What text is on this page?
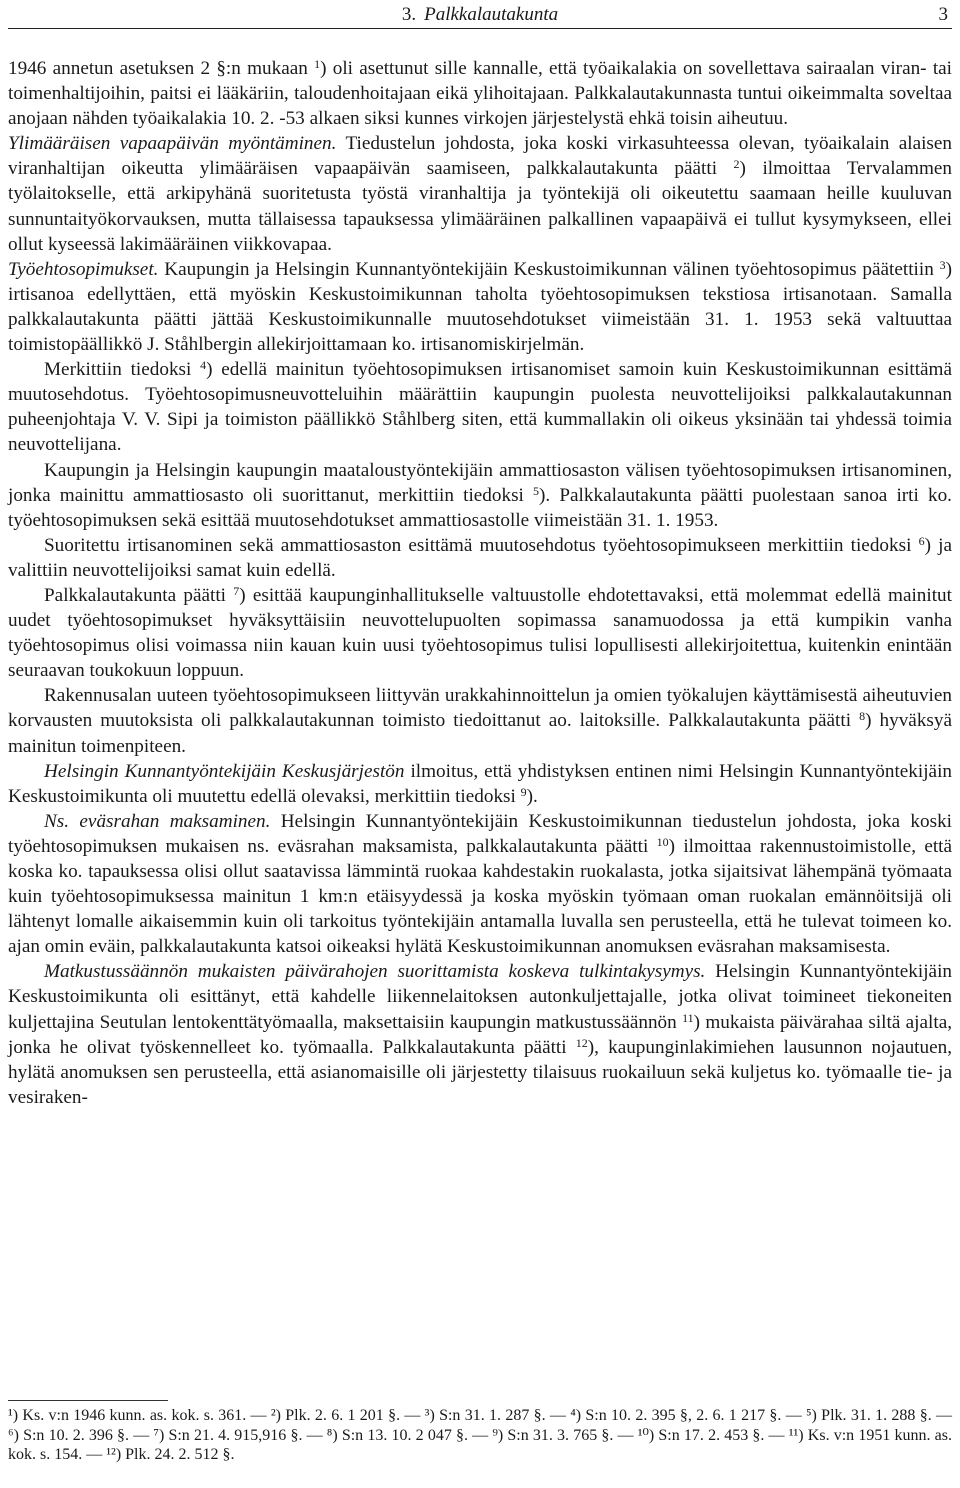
3. Palkkalautakunta	3

1946 annetun asetuksen 2 §:n mukaan $^1$) oli asettunut sille kannalle, että työaikalakia on sovellettava sairaalan viran- tai toimenhaltijoihin, paitsi ei lääkäriin, taloudenhoitajaan eikä ylihoitajaan. Palkkalautakunnasta tuntui oikeimmalta soveltaa anojaan nähden työaikalakia 10. 2. -53 alkaen siksi kunnes virkojen järjestelystä ehkä toisin aiheutuu.

Ylimääräisen vapaapäivän myöntäminen. Tiedustelun johdosta, joka koski virkasuhteessa olevan, työaikalain alaisen viranhaltijan oikeutta ylimääräisen vapaapäivän saamiseen, palkkalautakunta päätti $^2$) ilmoittaa Tervalammen työlaitokselle, että arkipyhänä suoritetusta työstä viranhaltija ja työntekijä oli oikeutettu saamaan heille kuuluvan sunnuntaityökorvauksen, mutta tällaisessa tapauksessa ylimääräinen palkallinen vapaapäivä ei tullut kysymykseen, ellei ollut kyseessä lakimääräinen viikkovapaa.

Työehtosopimukset. Kaupungin ja Helsingin Kunnantyöntekijäin Keskustoimikunnan välinen työehtosopimus päätettiin $^3$) irtisanoa edellyttäen, että myöskin Keskustoimikunnan taholta työehtosopimuksen tekstiosa irtisanotaan. Samalla palkkalautakunta päätti jättää Keskustoimikunnalle muutosehdotukset viimeistään 31. 1. 1953 sekä valtuuttaa toimistopäällikkö J. Ståhlbergin allekirjoittamaan ko. irtisanomiskirjelmän.

Merkittiin tiedoksi $^4$) edellä mainitun työehtosopimuksen irtisanomiset samoin kuin Keskustoimikunnan esittämä muutosehdotus. Työehtosopimusneuvotteluihin määrättiin kaupungin puolesta neuvottelijoiksi palkkalautakunnan puheenjohtaja V. V. Sipi ja toimiston päällikkö Ståhlberg siten, että kummallakin oli oikeus yksinään tai yhdessä toimia neuvottelijana.

Kaupungin ja Helsingin kaupungin maataloustyöntekijäin ammattiosaston välisen työehtosopimuksen irtisanominen, jonka mainittu ammattiosasto oli suorittanut, merkittiin tiedoksi $^5$). Palkkalautakunta päätti puolestaan sanoa irti ko. työehtosopimuksen sekä esittää muutosehdotukset ammattiosastolle viimeistään 31. 1. 1953.

Suoritettu irtisanominen sekä ammattiosaston esittämä muutosehdotus työehtosopimukseen merkittiin tiedoksi $^6$) ja valittiin neuvottelijoiksi samat kuin edellä.

Palkkalautakunta päätti $^7$) esittää kaupunginhallitukselle valtuustolle ehdotettavaksi, että molemmat edellä mainitut uudet työehtosopimukset hyväksyttäisiin neuvottelupuolten sopimassa sanamuodossa ja että kumpikin vanha työehtosopimus olisi voimassa niin kauan kuin uusi työehtosopimus tulisi lopullisesti allekirjoitettua, kuitenkin enintään seuraavan toukokuun loppuun.

Rakennusalan uuteen työehtosopimukseen liittyvän urakkahinnoittelun ja omien työkalujen käyttämisestä aiheutuvien korvausten muutoksista oli palkkalautakunnan toimisto tiedoittanut ao. laitoksille. Palkkalautakunta päätti $^8$) hyväksyä mainitun toimenpiteen.

Helsingin Kunnantyöntekijäin Keskusjärjestön ilmoitus, että yhdistyksen entinen nimi Helsingin Kunnantyöntekijäin Keskustoimikunta oli muutettu edellä olevaksi, merkittiin tiedoksi $^9$).

Ns. eväsrahan maksaminen. Helsingin Kunnantyöntekijäin Keskustoimikunnan tiedustelun johdosta, joka koski työehtosopimuksen mukaisen ns. eväsrahan maksamista, palkkalautakunta päätti $^{10}$) ilmoittaa rakennustoimistolle, että koska ko. tapauksessa olisi ollut saatavissa lämmintä ruokaa kahdestakin ruokalasta, jotka sijaitsivat lähempänä työmaata kuin työehtosopimuksessa mainitun 1 km:n etäisyydessä ja koska myöskin työmaan oman ruokalan emännöitsijä oli lähtenyt lomalle aikaisemmin kuin oli tarkoitus työntekijäin antamalla luvalla sen perusteella, että he tulevat toimeen ko. ajan omin eväin, palkkalautakunta katsoi oikeaksi hylätä Keskustoimikunnan anomuksen eväsrahan maksamisesta.

Matkustussäännön mukaisten päivärahojen suorittamista koskeva tulkintakysymys. Helsingin Kunnantyöntekijäin Keskustoimikunta oli esittänyt, että kahdelle liikennelaitoksen autonkuljettajalle, jotka olivat toimineet tiekoneiten kuljettajina Seutulan lentokenttätyömaalla, maksettaisiin kaupungin matkustussäännön $^{11}$) mukaista päivärahaa siltä ajalta, jonka he olivat työskennelleet ko. työmaalla. Palkkalautakunta päätti $^{12}$), kaupunginlakimiehen lausunnon nojautuen, hylätä anomuksen sen perusteella, että asianomaisille oli järjestetty tilaisuus ruokailuun sekä kuljetus ko. työmaalle tie- ja vesiraken-

¹) Ks. v:n 1946 kunn. as. kok. s. 361. — ²) Plk. 2. 6. 1 201 §. — ³) S:n 31. 1. 287 §. — ⁴) S:n 10. 2. 395 §, 2. 6. 1 217 §. — ⁵) Plk. 31. 1. 288 §. — ⁶) S:n 10. 2. 396 §. — ⁷) S:n 21. 4. 915,916 §. — ⁸) S:n 13. 10. 2 047 §. — ⁹) S:n 31. 3. 765 §. — ¹⁰) S:n 17. 2. 453 §. — ¹¹) Ks. v:n 1951 kunn. as. kok. s. 154. — ¹²) Plk. 24. 2. 512 §.
